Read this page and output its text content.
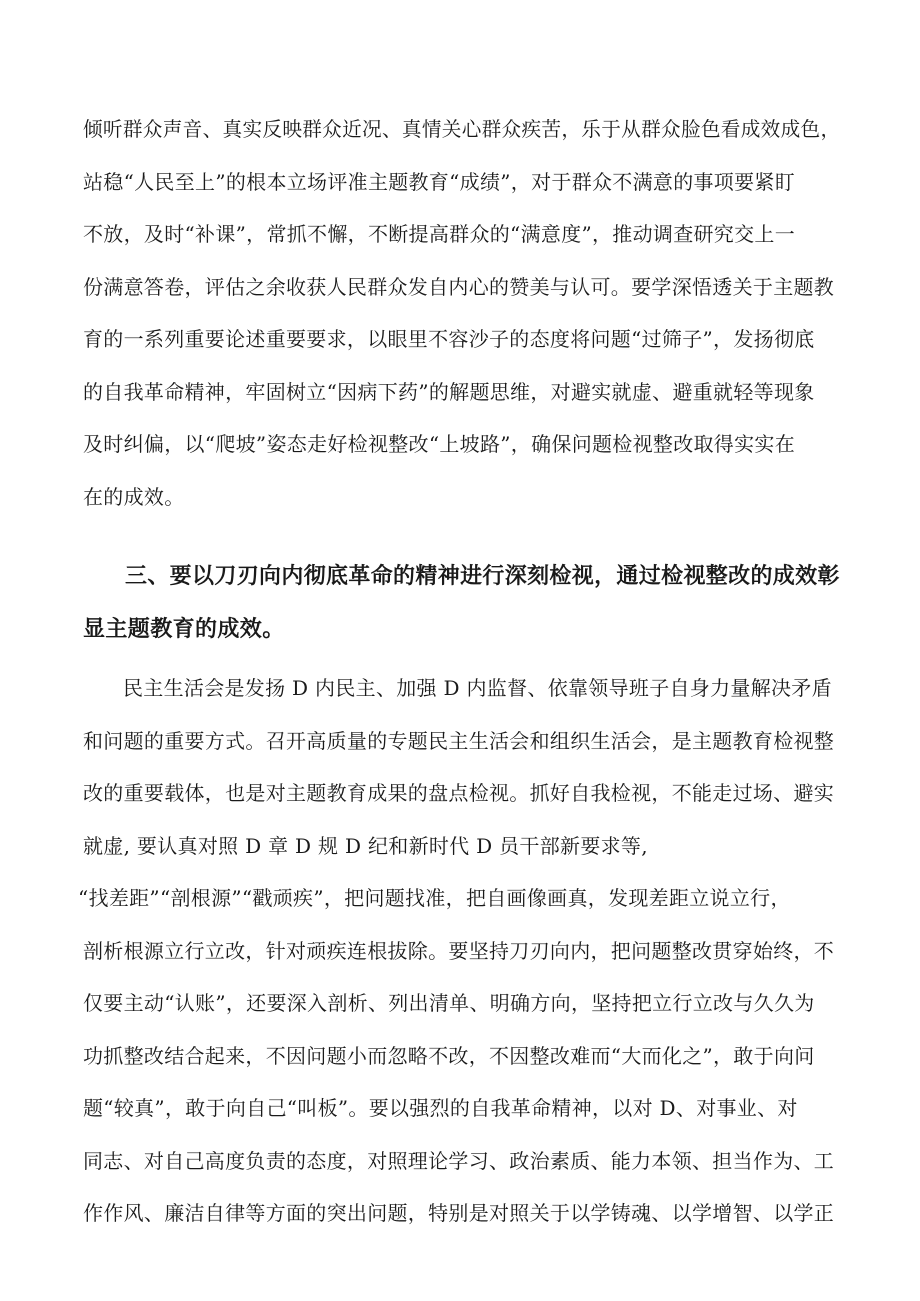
倾听群众声音、真实反映群众近况、真情关心群众疾苦，乐于从群众脸色看成效成色，
站稳“人民至上”的根本立场评准主题教育“成绩”，对于群众不满意的事项要紧盯
不放，及时“补课”，常抓不懈，不断提高群众的“满意度”，推动调查研究交上一
份满意答卷，评估之余收获人民群众发自内心的赞美与认可。要学深悟透关于主题教
育的一系列重要论述重要要求，以眼里不容沙子的态度将问题“过筛子”，发扬彻底
的自我革命精神，牢固树立“因病下药”的解题思维，对避实就虚、避重就轻等现象
及时纠偏，以“爬坡”姿态走好检视整改“上坡路”，确保问题检视整改取得实实在
在的成效。
三、要以刀刃向内彻底革命的精神进行深刻检视，通过检视整改的成效彰
显主题教育的成效。
民主生活会是发扬 D 内民主、加强 D 内监督、依靠领导班子自身力量解决矛盾
和问题的重要方式。召开高质量的专题民主生活会和组织生活会，是主题教育检视整
改的重要载体，也是对主题教育成果的盘点检视。抓好自我检视，不能走过场、避实
就虚, 要认真对照 D 章 D 规 D 纪和新时代 D 员干部新要求等,
“找差距”“剖根源”“戳顽疾”，把问题找准，把自画像画真，发现差距立说立行，
剖析根源立行立改，针对顽疾连根拔除。要坚持刀刃向内，把问题整改贯穿始终，不
仅要主动“认账”，还要深入剖析、列出清单、明确方向，坚持把立行立改与久久为
功抓整改结合起来，不因问题小而忽略不改，不因整改难而“大而化之”，敢于向问
题“较真”，敢于向自己“叫板”。要以强烈的自我革命精神，以对 D、对事业、对
同志、对自己高度负责的态度，对照理论学习、政治素质、能力本领、担当作为、工
作作风、廉洁自律等方面的突出问题，特别是对照关于以学铸魂、以学增智、以学正
